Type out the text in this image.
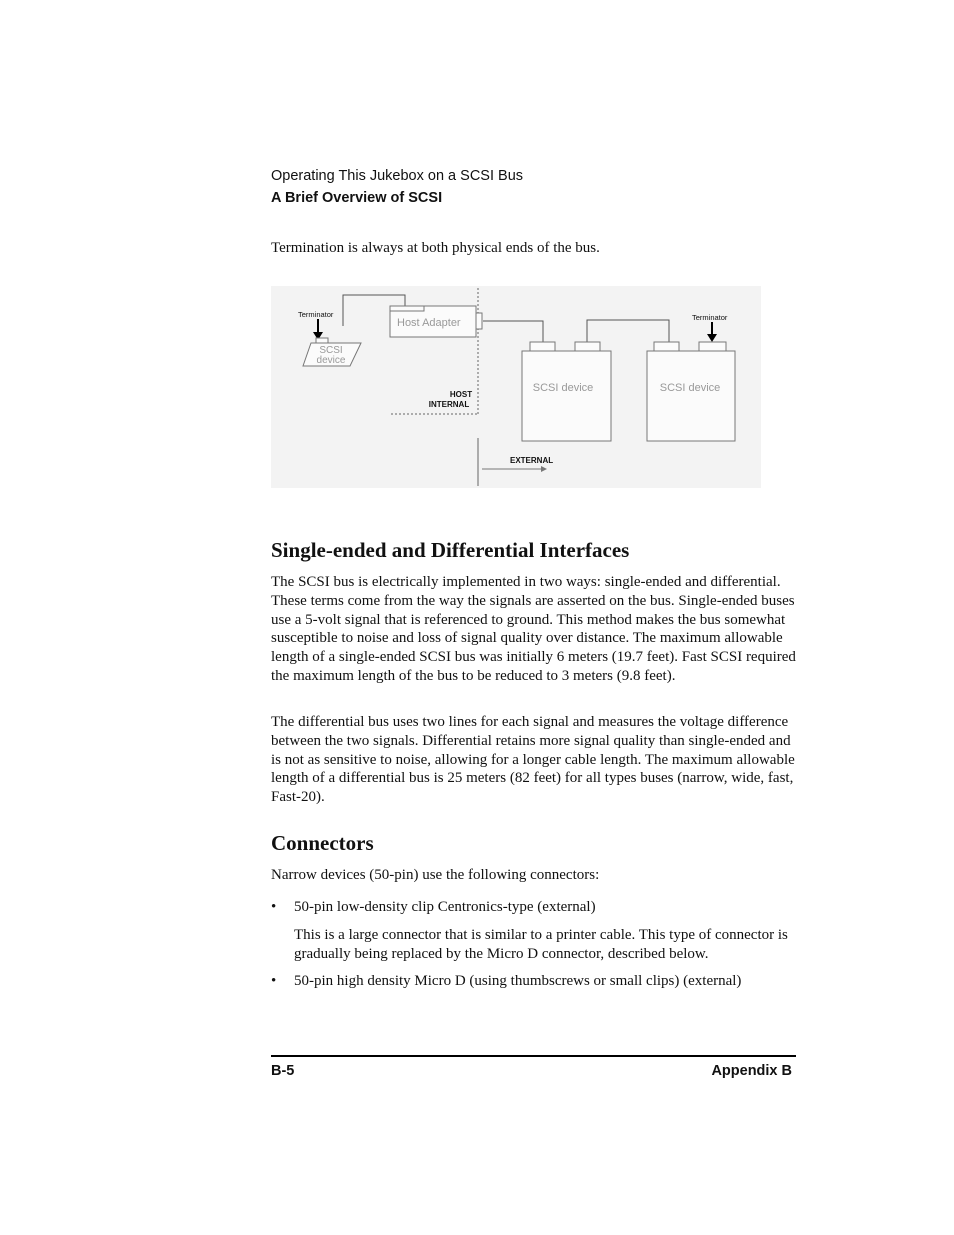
Operating This Jukebox on a SCSI Bus
A Brief Overview of SCSI

Termination is always at both physical ends of the bus.

Terminator
SCSI
device
Host Adapter	Terminator
HOST
INTERNAL
SCSI device	SCSI device
EXTERNAL
Single-ended and Differential Interfaces

The SCSI bus is electrically implemented in two ways: single-ended and differential. These terms come from the way the signals are asserted on the bus. Single-ended buses use a 5-volt signal that is referenced to ground. This method makes the bus somewhat susceptible to noise and loss of signal quality over distance. The maximum allowable length of a single-ended SCSI bus was initially 6 meters (19.7 feet). Fast SCSI required the maximum length of the bus to be reduced to 3 meters (9.8 feet).

The differential bus uses two lines for each signal and measures the voltage difference between the two signals. Differential retains more signal quality than single-ended and is not as sensitive to noise, allowing for a longer cable length. The maximum allowable length of a differential bus is 25 meters (82 feet) for all types buses (narrow, wide, fast, Fast-20).

Connectors

Narrow devices (50-pin) use the following connectors:

• 50-pin low-density clip Centronics-type (external)

This is a large connector that is similar to a printer cable. This type of connector is gradually being replaced by the Micro D connector, described below.

• 50-pin high density Micro D (using thumbscrews or small clips) (external)
B-5	Appendix B
